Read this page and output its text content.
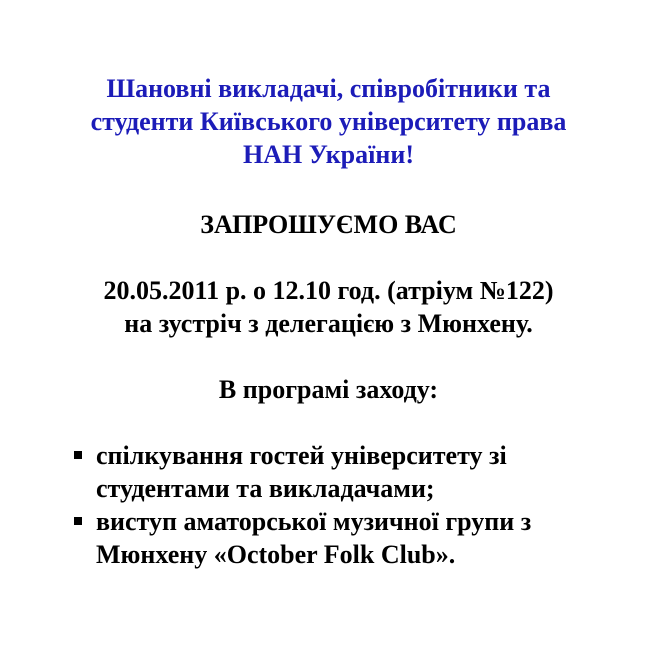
Шановні викладачі, співробітники та
студенти Київського університету права
НАН України!
ЗАПРОШУЄМО ВАС
20.05.2011 р. о 12.10 год. (атріум №122)
на зустріч з делегацією з Мюнхену.
В програмі заходу:
спілкування гостей університету зі
студентами та викладачами;
виступ аматорської музичної групи з
Мюнхену «October Folk Club».
